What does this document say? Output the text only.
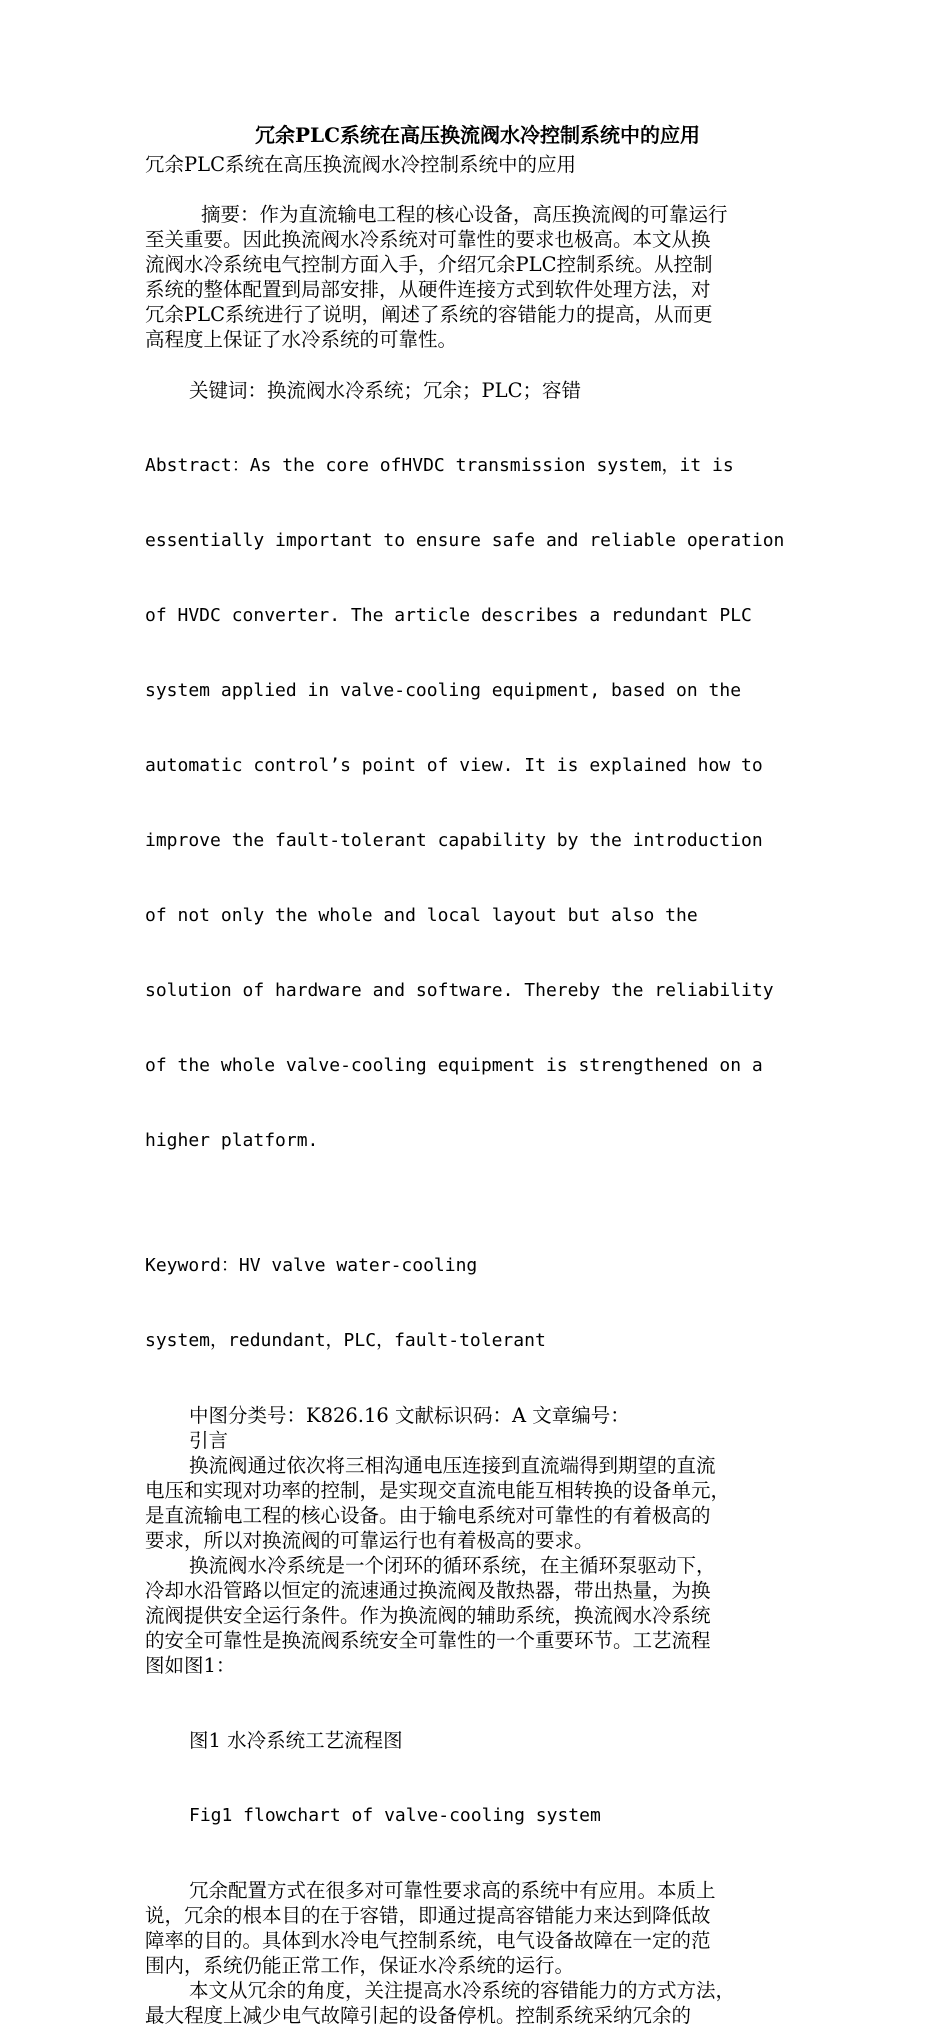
冗余PLC系统在高压换流阀水冷控制系统中的应用
冗余PLC系统在高压换流阀水冷控制系统中的应用
摘要：作为直流输电工程的核心设备，高压换流阀的可靠运行
至关重要。因此换流阀水冷系统对可靠性的要求也极高。本文从换
流阀水冷系统电气控制方面入手，介绍冗余PLC控制系统。从控制
系统的整体配置到局部安排，从硬件连接方式到软件处理方法，对
冗余PLC系统进行了说明，阐述了系统的容错能力的提高，从而更
高程度上保证了水冷系统的可靠性。
关键词：换流阀水冷系统；冗余；PLC；容错

Abstract：As the core ofHVDC transmission system，it is

essentially important to ensure safe and reliable operation

of HVDC converter. The article describes a redundant PLC

system applied in valve-cooling equipment, based on the

automatic control’s point of view. It is explained how to

improve the fault-tolerant capability by the introduction

of not only the whole and local layout but also the

solution of hardware and software. Thereby the reliability

of the whole valve-cooling equipment is strengthened on a

higher platform.

Keyword：HV valve water-cooling

system，redundant，PLC，fault-tolerant

中图分类号：K826.16 文献标识码：A 文章编号：
引言
换流阀通过依次将三相沟通电压连接到直流端得到期望的直流
电压和实现对功率的控制，是实现交直流电能互相转换的设备单元，
是直流输电工程的核心设备。由于输电系统对可靠性的有着极高的
要求，所以对换流阀的可靠运行也有着极高的要求。
换流阀水冷系统是一个闭环的循环系统，在主循环泵驱动下，
冷却水沿管路以恒定的流速通过换流阀及散热器，带出热量，为换
流阀提供安全运行条件。作为换流阀的辅助系统，换流阀水冷系统
的安全可靠性是换流阀系统安全可靠性的一个重要环节。工艺流程
图如图1：
图1 水冷系统工艺流程图

Fig1 flowchart of valve-cooling system

冗余配置方式在很多对可靠性要求高的系统中有应用。本质上
说，冗余的根本目的在于容错，即通过提高容错能力来达到降低故
障率的目的。具体到水冷电气控制系统，电气设备故障在一定的范
围内，系统仍能正常工作，保证水冷系统的运行。
本文从冗余的角度，关注提高水冷系统的容错能力的方式方法，
最大程度上减少电气故障引起的设备停机。控制系统采纳冗余的
